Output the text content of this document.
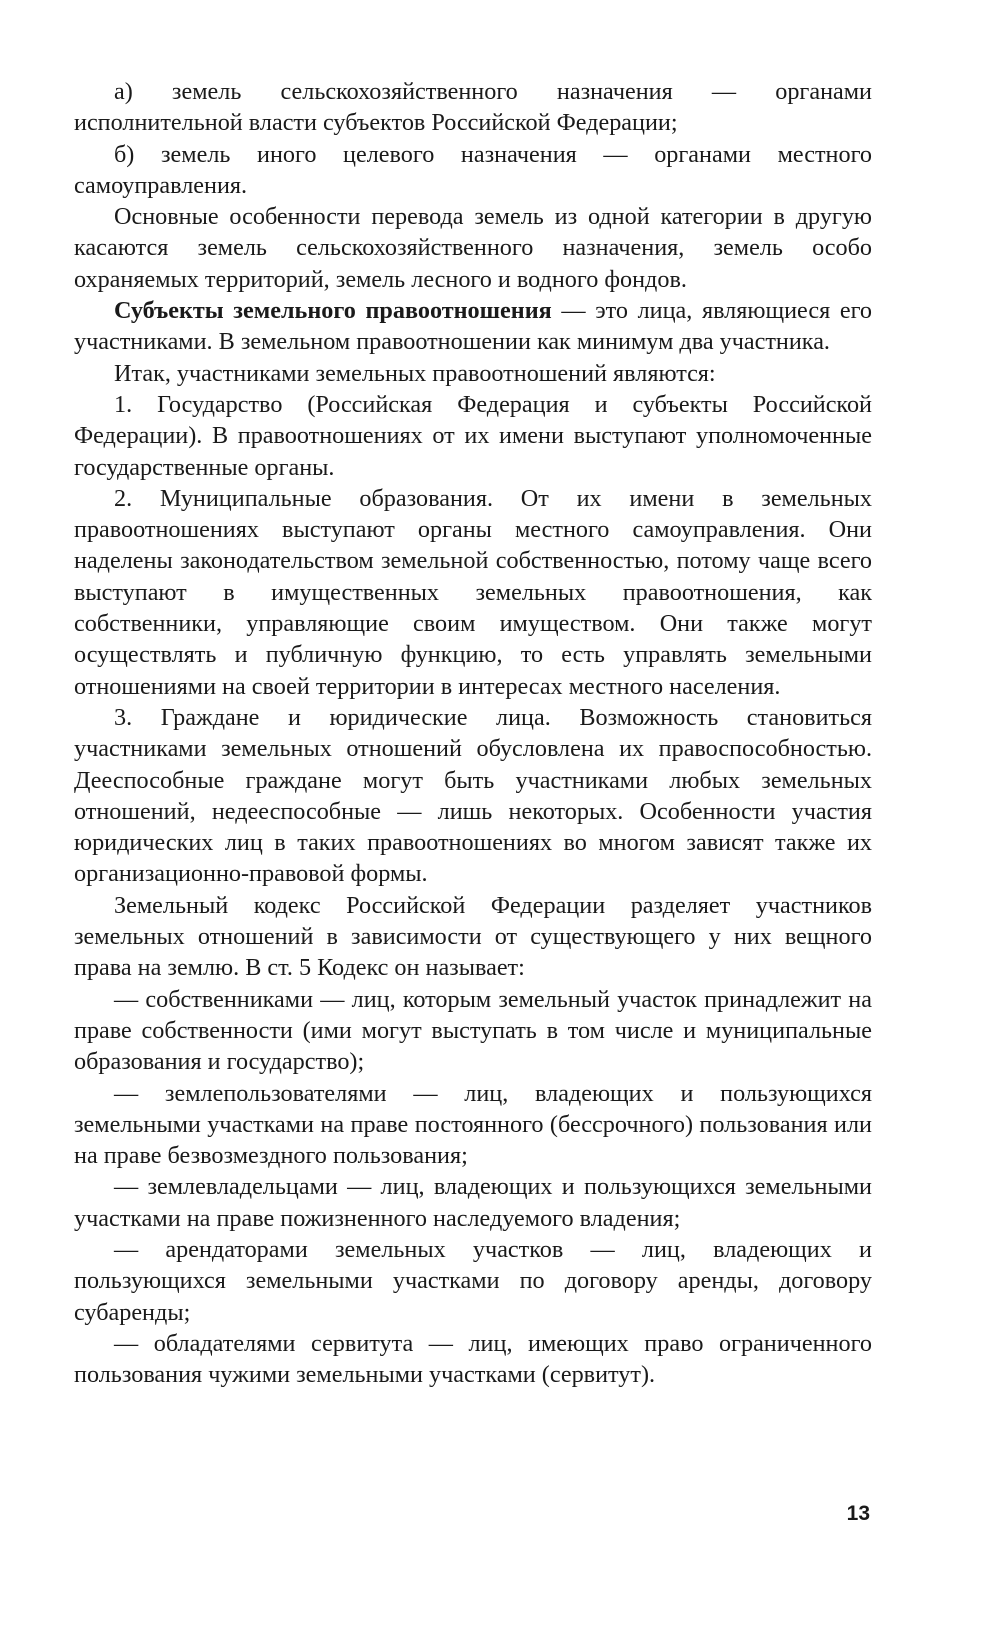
а) земель сельскохозяйственного назначения — органами исполнительной власти субъектов Российской Федерации;

б) земель иного целевого назначения — органами местного самоуправления.

Основные особенности перевода земель из одной категории в другую касаются земель сельскохозяйственного назначения, земель особо охраняемых территорий, земель лесного и водного фондов.

Субъекты земельного правоотношения — это лица, являющиеся его участниками. В земельном правоотношении как минимум два участника.

Итак, участниками земельных правоотношений являются:

1. Государство (Российская Федерация и субъекты Российской Федерации). В правоотношениях от их имени выступают уполномоченные государственные органы.

2. Муниципальные образования. От их имени в земельных правоотношениях выступают органы местного самоуправления. Они наделены законодательством земельной собственностью, потому чаще всего выступают в имущественных земельных правоотношения, как собственники, управляющие своим имуществом. Они также могут осуществлять и публичную функцию, то есть управлять земельными отношениями на своей территории в интересах местного населения.

3. Граждане и юридические лица. Возможность становиться участниками земельных отношений обусловлена их правоспособностью. Дееспособные граждане могут быть участниками любых земельных отношений, недееспособные — лишь некоторых. Особенности участия юридических лиц в таких правоотношениях во многом зависят также их организационно-правовой формы.

Земельный кодекс Российской Федерации разделяет участников земельных отношений в зависимости от существующего у них вещного права на землю. В ст. 5 Кодекс он называет:

— собственниками — лиц, которым земельный участок принадлежит на праве собственности (ими могут выступать в том числе и муниципальные образования и государство);

— землепользователями — лиц, владеющих и пользующихся земельными участками на праве постоянного (бессрочного) пользования или на праве безвозмездного пользования;

— землевладельцами — лиц, владеющих и пользующихся земельными участками на праве пожизненного наследуемого владения;

— арендаторами земельных участков — лиц, владеющих и пользующихся земельными участками по договору аренды, договору субаренды;

— обладателями сервитута — лиц, имеющих право ограниченного пользования чужими земельными участками (сервитут).

13
